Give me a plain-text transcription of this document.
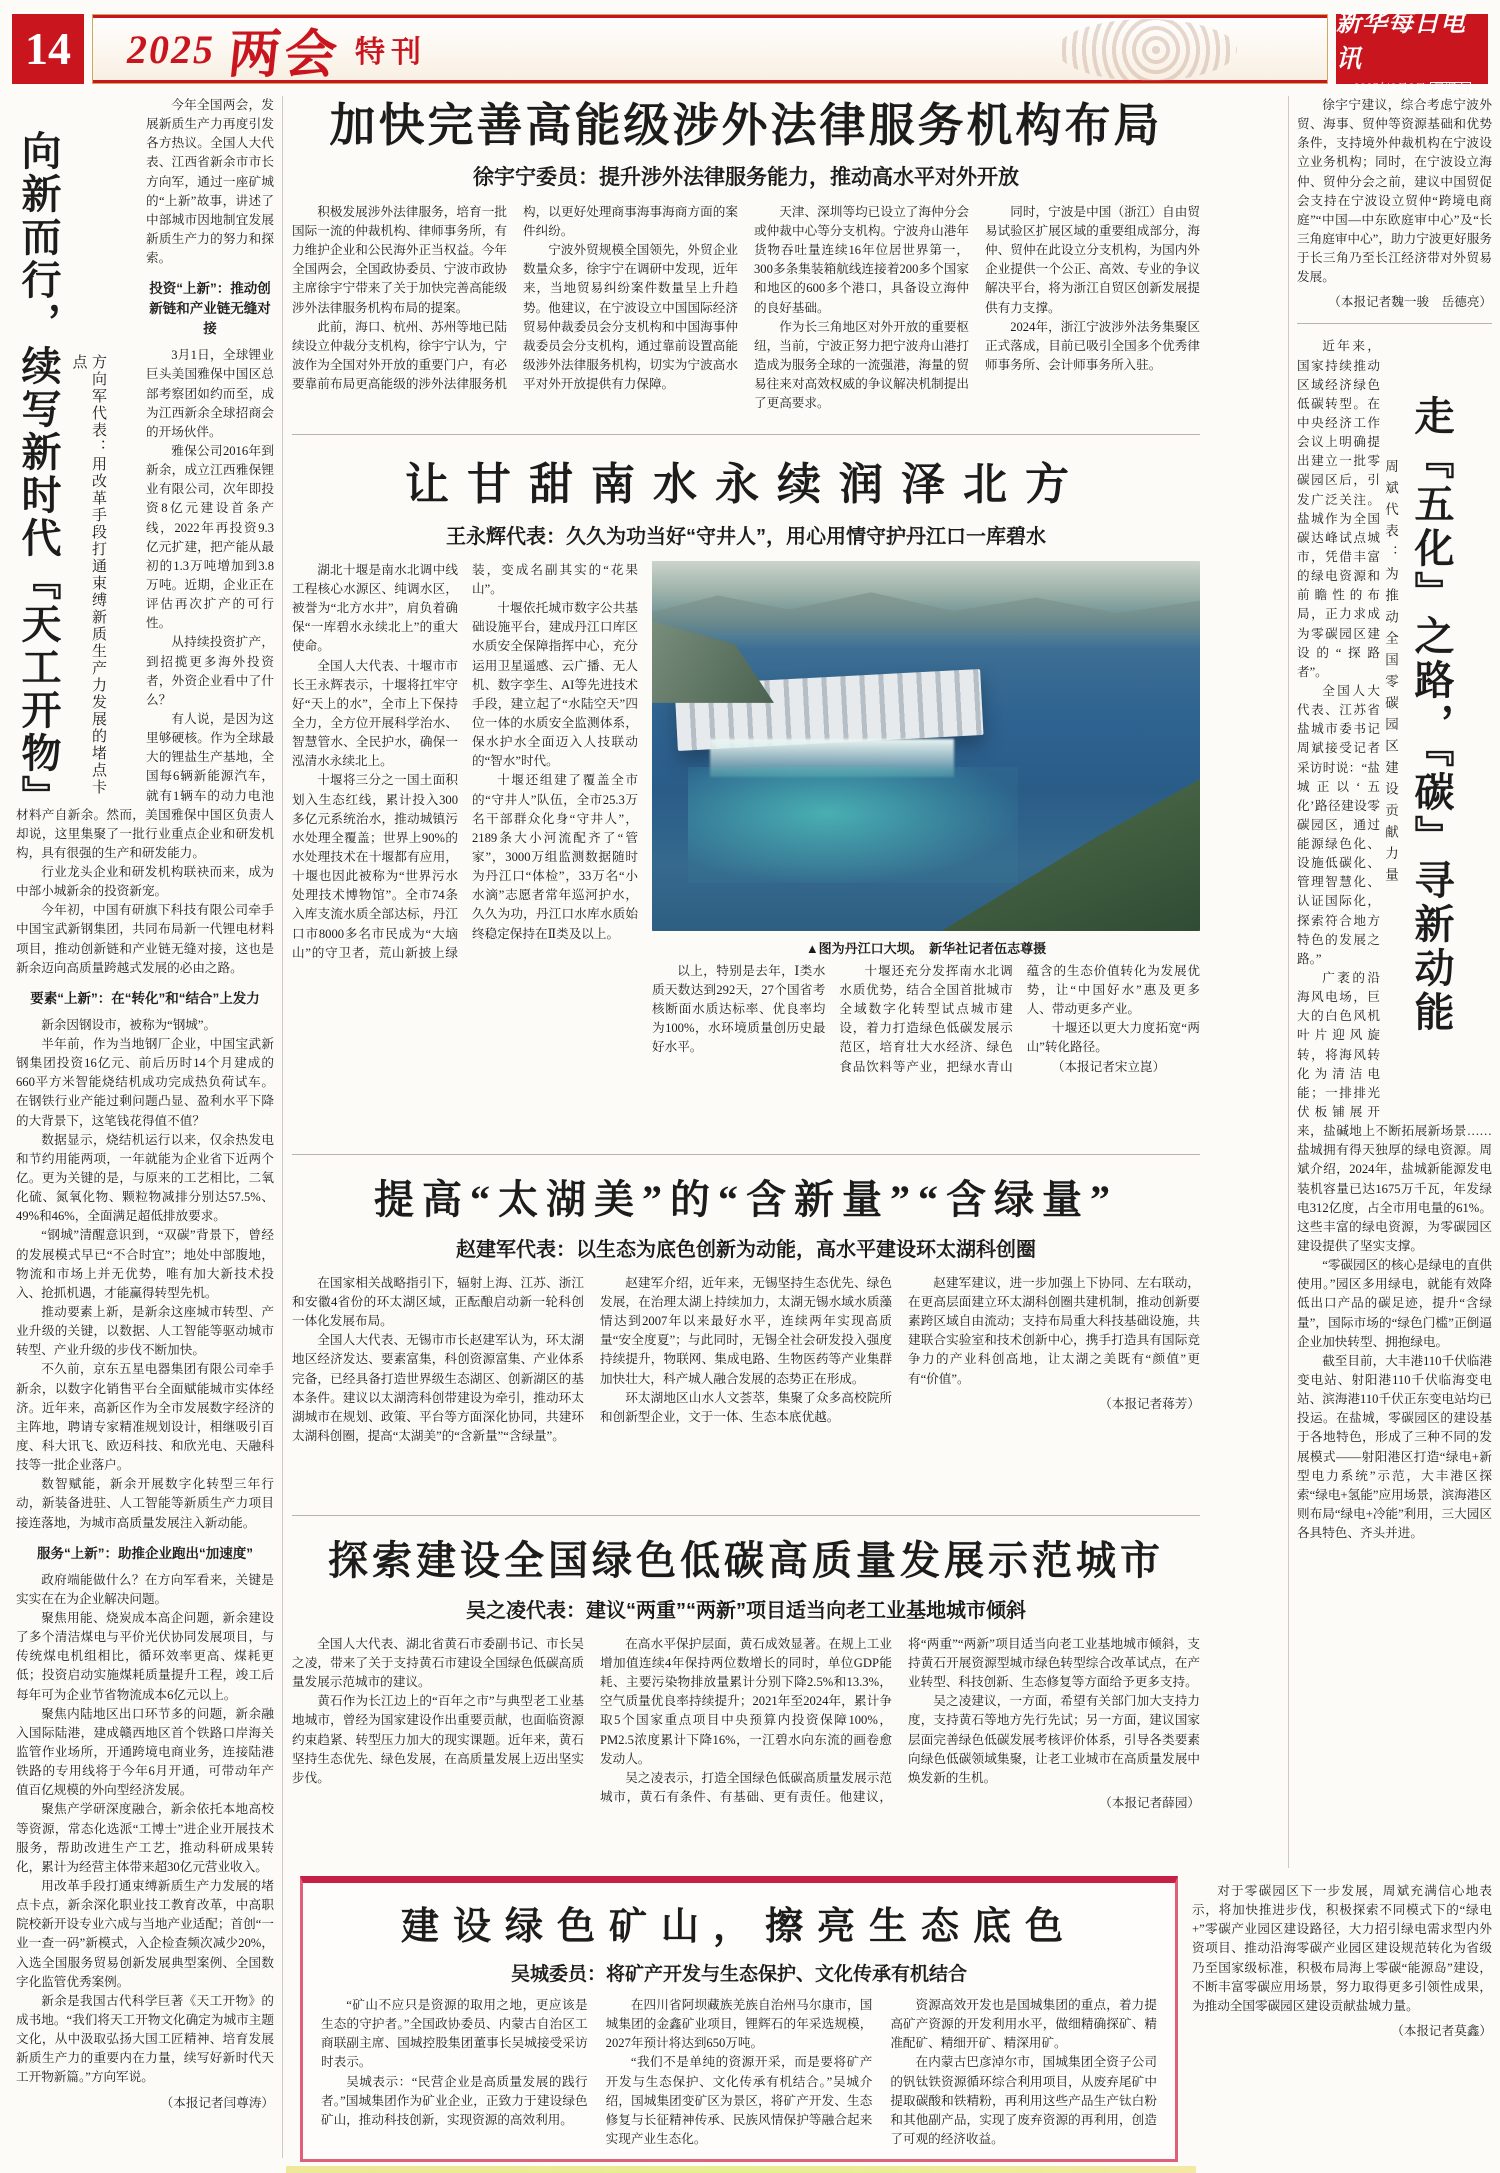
14	2025 两会 特刊
新华每日电讯
2025年3月8日 星期六
向新而行，续写新时代『天工开物』	方向军代表：用改革手段打通束缚新质生产力发展的堵点卡点

今年全国两会，发展新质生产力再度引发各方热议。全国人大代表、江西省新余市市长方向军，通过一座矿城的“上新”故事，讲述了中部城市因地制宜发展新质生产力的努力和探索。

投资“上新”：推动创新链和产业链无缝对接

3月1日，全球锂业巨头美国雅保中国区总部考察团如约而至，成为江西新余全球招商会的开场伙伴。

雅保公司2016年到新余，成立江西雅保锂业有限公司，次年即投资8亿元建设首条产线，2022年再投资9.3亿元扩建，把产能从最初的1.3万吨增加到3.8万吨。近期，企业正在评估再次扩产的可行性。

从持续投资扩产，到招揽更多海外投资者，外资企业看中了什么？

有人说，是因为这里够硬核。作为全球最大的锂盐生产基地，全国每6辆新能源汽车，就有1辆车的动力电池材料产自新余。然而，美国雅保中国区负责人却说，这里集聚了一批行业重点企业和研发机构，具有很强的生产和研发能力。

行业龙头企业和研发机构联袂而来，成为中部小城新余的投资新宠。

今年初，中国有研旗下科技有限公司牵手中国宝武新钢集团，共同布局新一代锂电材料项目，推动创新链和产业链无缝对接，这也是新余迈向高质量跨越式发展的必由之路。

要素“上新”：在“转化”和“结合”上发力

新余因钢设市，被称为“钢城”。

半年前，作为当地钢厂企业，中国宝武新钢集团投资16亿元、前后历时14个月建成的660平方米智能烧结机成功完成热负荷试车。在钢铁行业产能过剩问题凸显、盈利水平下降的大背景下，这笔钱花得值不值？

数据显示，烧结机运行以来，仅余热发电和节约用能两项，一年就能为企业省下近两个亿。更为关键的是，与原来的工艺相比，二氧化硫、氮氧化物、颗粒物减排分别达57.5%、49%和46%，全面满足超低排放要求。

“钢城”清醒意识到，“双碳”背景下，曾经的发展模式早已“不合时宜”；地处中部腹地，物流和市场上并无优势，唯有加大新技术投入、抢抓机遇，才能赢得转型先机。

推动要素上新，是新余这座城市转型、产业升级的关键，以数据、人工智能等驱动城市转型、产业升级的步伐不断加快。

不久前，京东五星电器集团有限公司牵手新余，以数字化销售平台全面赋能城市实体经济。近年来，高新区作为全市发展数字经济的主阵地，聘请专家精准规划设计，相继吸引百度、科大讯飞、欧迈科技、和欣光电、天融科技等一批企业落户。

数智赋能，新余开展数字化转型三年行动，新装备进驻、人工智能等新质生产力项目接连落地，为城市高质量发展注入新动能。

服务“上新”：助推企业跑出“加速度”

政府端能做什么？在方向军看来，关键是实实在在为企业解决问题。

聚焦用能、烧炭成本高企问题，新余建设了多个清洁煤电与平价光伏协同发展项目，与传统煤电机组相比，循环效率更高、煤耗更低；投资启动实施煤耗质量提升工程，竣工后每年可为企业节省物流成本6亿元以上。

聚焦内陆地区出口环节多的问题，新余融入国际陆港，建成赣西地区首个铁路口岸海关监管作业场所，开通跨境电商业务，连接陆港铁路的专用线将于今年6月开通，可带动年产值百亿规模的外向型经济发展。

聚焦产学研深度融合，新余依托本地高校等资源，常态化选派“工博士”进企业开展技术服务，帮助改进生产工艺，推动科研成果转化，累计为经营主体带来超30亿元营业收入。

用改革手段打通束缚新质生产力发展的堵点卡点，新余深化职业技工教育改革，中高职院校新开设专业六成与当地产业适配；首创“一业一查一码”新模式，入企检查频次减少20%，入选全国服务贸易创新发展典型案例、全国数字化监管优秀案例。

新余是我国古代科学巨著《天工开物》的成书地。“我们将天工开物文化确定为城市主题文化，从中汲取弘扬大国工匠精神、培育发展新质生产力的重要内在力量，续写好新时代天工开物新篇。”方向军说。

（本报记者闫尊涛）

加快完善高能级涉外法律服务机构布局
徐宇宁委员：提升涉外法律服务能力，推动高水平对外开放

积极发展涉外法律服务，培育一批国际一流的仲裁机构、律师事务所，有力维护企业和公民海外正当权益。今年全国两会，全国政协委员、宁波市政协主席徐宇宁带来了关于加快完善高能级涉外法律服务机构布局的提案。

此前，海口、杭州、苏州等地已陆续设立仲裁分支机构，徐宇宁认为，宁波作为全国对外开放的重要门户，有必要靠前布局更高能级的涉外法律服务机构，以更好处理商事海事海商方面的案件纠纷。

宁波外贸规模全国领先，外贸企业数量众多，徐宇宁在调研中发现，近年来，当地贸易纠纷案件数量呈上升趋势。他建议，在宁波设立中国国际经济贸易仲裁委员会分支机构和中国海事仲裁委员会分支机构，通过靠前设置高能级涉外法律服务机构，切实为宁波高水平对外开放提供有力保障。

天津、深圳等均已设立了海仲分会或仲裁中心等分支机构。宁波舟山港年货物吞吐量连续16年位居世界第一，300多条集装箱航线连接着200多个国家和地区的600多个港口，具备设立海仲的良好基础。

作为长三角地区对外开放的重要枢纽，当前，宁波正努力把宁波舟山港打造成为服务全球的一流强港，海量的贸易往来对高效权威的争议解决机制提出了更高要求。

同时，宁波是中国（浙江）自由贸易试验区扩展区域的重要组成部分，海仲、贸仲在此设立分支机构，为国内外企业提供一个公正、高效、专业的争议解决平台，将为浙江自贸区创新发展提供有力支撑。

2024年，浙江宁波涉外法务集聚区正式落成，目前已吸引全国多个优秀律师事务所、会计师事务所入驻。

让甘甜南水永续润泽北方
王永辉代表：久久为功当好“守井人”，用心用情守护丹江口一库碧水

湖北十堰是南水北调中线工程核心水源区、纯调水区，被誉为“北方水井”，肩负着确保“一库碧水永续北上”的重大使命。

全国人大代表、十堰市市长王永辉表示，十堰将扛牢守好“天上的水”，全市上下保持全力，全方位开展科学治水、智慧管水、全民护水，确保一泓清水永续北上。

十堰将三分之一国土面积划入生态红线，累计投入300多亿元系统治水，推动城镇污水处理全覆盖；世界上90%的水处理技术在十堰都有应用，十堰也因此被称为“世界污水处理技术博物馆”。全市74条入库支流水质全部达标，丹江口市8000多名市民成为“大垴山”的守卫者，荒山新披上绿装，变成名副其实的“花果山”。

十堰依托城市数字公共基础设施平台，建成丹江口库区水质安全保障指挥中心，充分运用卫星遥感、云广播、无人机、数字孪生、AI等先进技术手段，建立起了“水陆空天”四位一体的水质安全监测体系，保水护水全面迈入人技联动的“智水”时代。

十堰还组建了覆盖全市的“守井人”队伍，全市25.3万名干部群众化身“守井人”，2189条大小河流配齐了“管家”，3000万组监测数据随时为丹江口“体检”，33万名“小水滴”志愿者常年巡河护水，久久为功，丹江口水库水质始终稳定保持在Ⅱ类及以上。

▲图为丹江口大坝。　新华社记者伍志尊摄

以上，特别是去年，Ⅰ类水质天数达到292天，27个国省考核断面水质达标率、优良率均为100%，水环境质量创历史最好水平。

十堰还充分发挥南水北调水质优势，结合全国首批城市全域数字化转型试点城市建设，着力打造绿色低碳发展示范区，培育壮大水经济、绿色食品饮料等产业，把绿水青山蕴含的生态价值转化为发展优势，让“中国好水”惠及更多人、带动更多产业。

十堰还以更大力度拓宽“两山”转化路径。

（本报记者宋立崑）

提高“太湖美”的“含新量”“含绿量”
赵建军代表：以生态为底色创新为动能，高水平建设环太湖科创圈

在国家相关战略指引下，辐射上海、江苏、浙江和安徽4省份的环太湖区域，正酝酿启动新一轮科创一体化发展布局。

全国人大代表、无锡市市长赵建军认为，环太湖地区经济发达、要素富集，科创资源富集、产业体系完备，已经具备打造世界级生态湖区、创新湖区的基本条件。建议以太湖湾科创带建设为牵引，推动环太湖城市在规划、政策、平台等方面深化协同，共建环太湖科创圈，提高“太湖美”的“含新量”“含绿量”。

赵建军介绍，近年来，无锡坚持生态优先、绿色发展，在治理太湖上持续加力，太湖无锡水域水质藻情达到2007年以来最好水平，连续两年实现高质量“安全度夏”；与此同时，无锡全社会研发投入强度持续提升，物联网、集成电路、生物医药等产业集群加快壮大，科产城人融合发展的态势正在形成。

环太湖地区山水人文荟萃，集聚了众多高校院所和创新型企业，文于一体、生态本底优越。

赵建军建议，进一步加强上下协同、左右联动，在更高层面建立环太湖科创圈共建机制，推动创新要素跨区域自由流动；支持布局重大科技基础设施，共建联合实验室和技术创新中心，携手打造具有国际竞争力的产业科创高地，让太湖之美既有“颜值”更有“价值”。

（本报记者蒋芳）

探索建设全国绿色低碳高质量发展示范城市
吴之凌代表：建议“两重”“两新”项目适当向老工业基地城市倾斜

全国人大代表、湖北省黄石市委副书记、市长吴之凌，带来了关于支持黄石市建设全国绿色低碳高质量发展示范城市的建议。

黄石作为长江边上的“百年之市”与典型老工业基地城市，曾经为国家建设作出重要贡献，也面临资源约束趋紧、转型压力加大的现实课题。近年来，黄石坚持生态优先、绿色发展，在高质量发展上迈出坚实步伐。

在高水平保护层面，黄石成效显著。在规上工业增加值连续4年保持两位数增长的同时，单位GDP能耗、主要污染物排放量累计分别下降2.5%和13.3%，空气质量优良率持续提升；2021年至2024年，累计争取5个国家重点项目中央预算内投资保障100%，PM2.5浓度累计下降16%，一江碧水向东流的画卷愈发动人。

吴之凌表示，打造全国绿色低碳高质量发展示范城市，黄石有条件、有基础、更有责任。他建议，将“两重”“两新”项目适当向老工业基地城市倾斜，支持黄石开展资源型城市绿色转型综合改革试点，在产业转型、科技创新、生态修复等方面给予更多支持。

吴之凌建议，一方面，希望有关部门加大支持力度，支持黄石等地方先行先试；另一方面，建议国家层面完善绿色低碳发展考核评价体系，引导各类要素向绿色低碳领域集聚，让老工业城市在高质量发展中焕发新的生机。

（本报记者薛园）

建设绿色矿山，擦亮生态底色
吴城委员：将矿产开发与生态保护、文化传承有机结合

“矿山不应只是资源的取用之地，更应该是生态的守护者。”全国政协委员、内蒙古自治区工商联副主席、国城控股集团董事长吴城接受采访时表示。

吴城表示：“民营企业是高质量发展的践行者。”国城集团作为矿业企业，正致力于建设绿色矿山，推动科技创新，实现资源的高效利用。

在四川省阿坝藏族羌族自治州马尔康市，国城集团的金鑫矿业项目，锂辉石的年采选规模，2027年预计将达到650万吨。

“我们不是单纯的资源开采，而是要将矿产开发与生态保护、文化传承有机结合。”吴城介绍，国城集团变矿区为景区，将矿产开发、生态修复与长征精神传承、民族风情保护等融合起来实现产业生态化。

资源高效开发也是国城集团的重点，着力提高矿产资源的开发利用水平，做细精确探矿、精准配矿、精细开矿、精深用矿。

在内蒙古巴彦淖尔市，国城集团全资子公司的钒钛铁资源循环综合利用项目，从废弃尾矿中提取碳酸和铁精粉，再利用这些产品生产钛白粉和其他副产品，实现了废弃资源的再利用，创造了可观的经济收益。

徐宇宁建议，综合考虑宁波外贸、海事、贸仲等资源基础和优势条件，支持境外仲裁机构在宁波设立业务机构；同时，在宁波设立海仲、贸仲分会之前，建议中国贸促会支持在宁波设立贸仲“跨境电商庭”“中国—中东欧庭审中心”及“长三角庭审中心”，助力宁波更好服务于长三角乃至长江经济带对外贸易发展。

（本报记者魏一骏　岳德亮）

周斌代表：为推动全国零碳园区建设贡献力量 走『五化』之路，『碳』寻新动能

近年来，国家持续推动区域经济绿色低碳转型。在中央经济工作会议上明确提出建立一批零碳园区后，引发广泛关注。盐城作为全国碳达峰试点城市，凭借丰富的绿电资源和前瞻性的布局，正力求成为零碳园区建设的“探路者”。

全国人大代表、江苏省盐城市委书记周斌接受记者采访时说：“盐城正以‘五化’路径建设零碳园区，通过能源绿色化、设施低碳化、管理智慧化、认证国际化，探索符合地方特色的发展之路。”

广袤的沿海风电场，巨大的白色风机叶片迎风旋转，将海风转化为清洁电能；一排排光伏板铺展开来，盐碱地上不断拓展新场景……盐城拥有得天独厚的绿电资源。周斌介绍，2024年，盐城新能源发电装机容量已达1675万千瓦，年发绿电312亿度，占全市用电量的61%。这些丰富的绿电资源，为零碳园区建设提供了坚实支撑。

“零碳园区的核心是绿电的直供使用。”园区多用绿电，就能有效降低出口产品的碳足迹，提升“含绿量”，国际市场的“绿色门槛”正倒逼企业加快转型、拥抱绿电。

截至目前，大丰港110千伏临港变电站、射阳港110千伏临海变电站、滨海港110千伏正东变电站均已投运。在盐城，零碳园区的建设基于各地特色，形成了三种不同的发展模式——射阳港区打造“绿电+新型电力系统”示范，大丰港区探索“绿电+氢能”应用场景，滨海港区则布局“绿电+冷能”利用，三大园区各具特色、齐头并进。

对于零碳园区下一步发展，周斌充满信心地表示，将加快推进步伐，积极探索不同模式下的“绿电+”零碳产业园区建设路径，大力招引绿电需求型内外资项目、推动沿海零碳产业园区建设规范转化为省级乃至国家级标准，积极布局海上零碳“能源岛”建设，不断丰富零碳应用场景，努力取得更多引领性成果，为推动全国零碳园区建设贡献盐城力量。

（本报记者莫鑫）
